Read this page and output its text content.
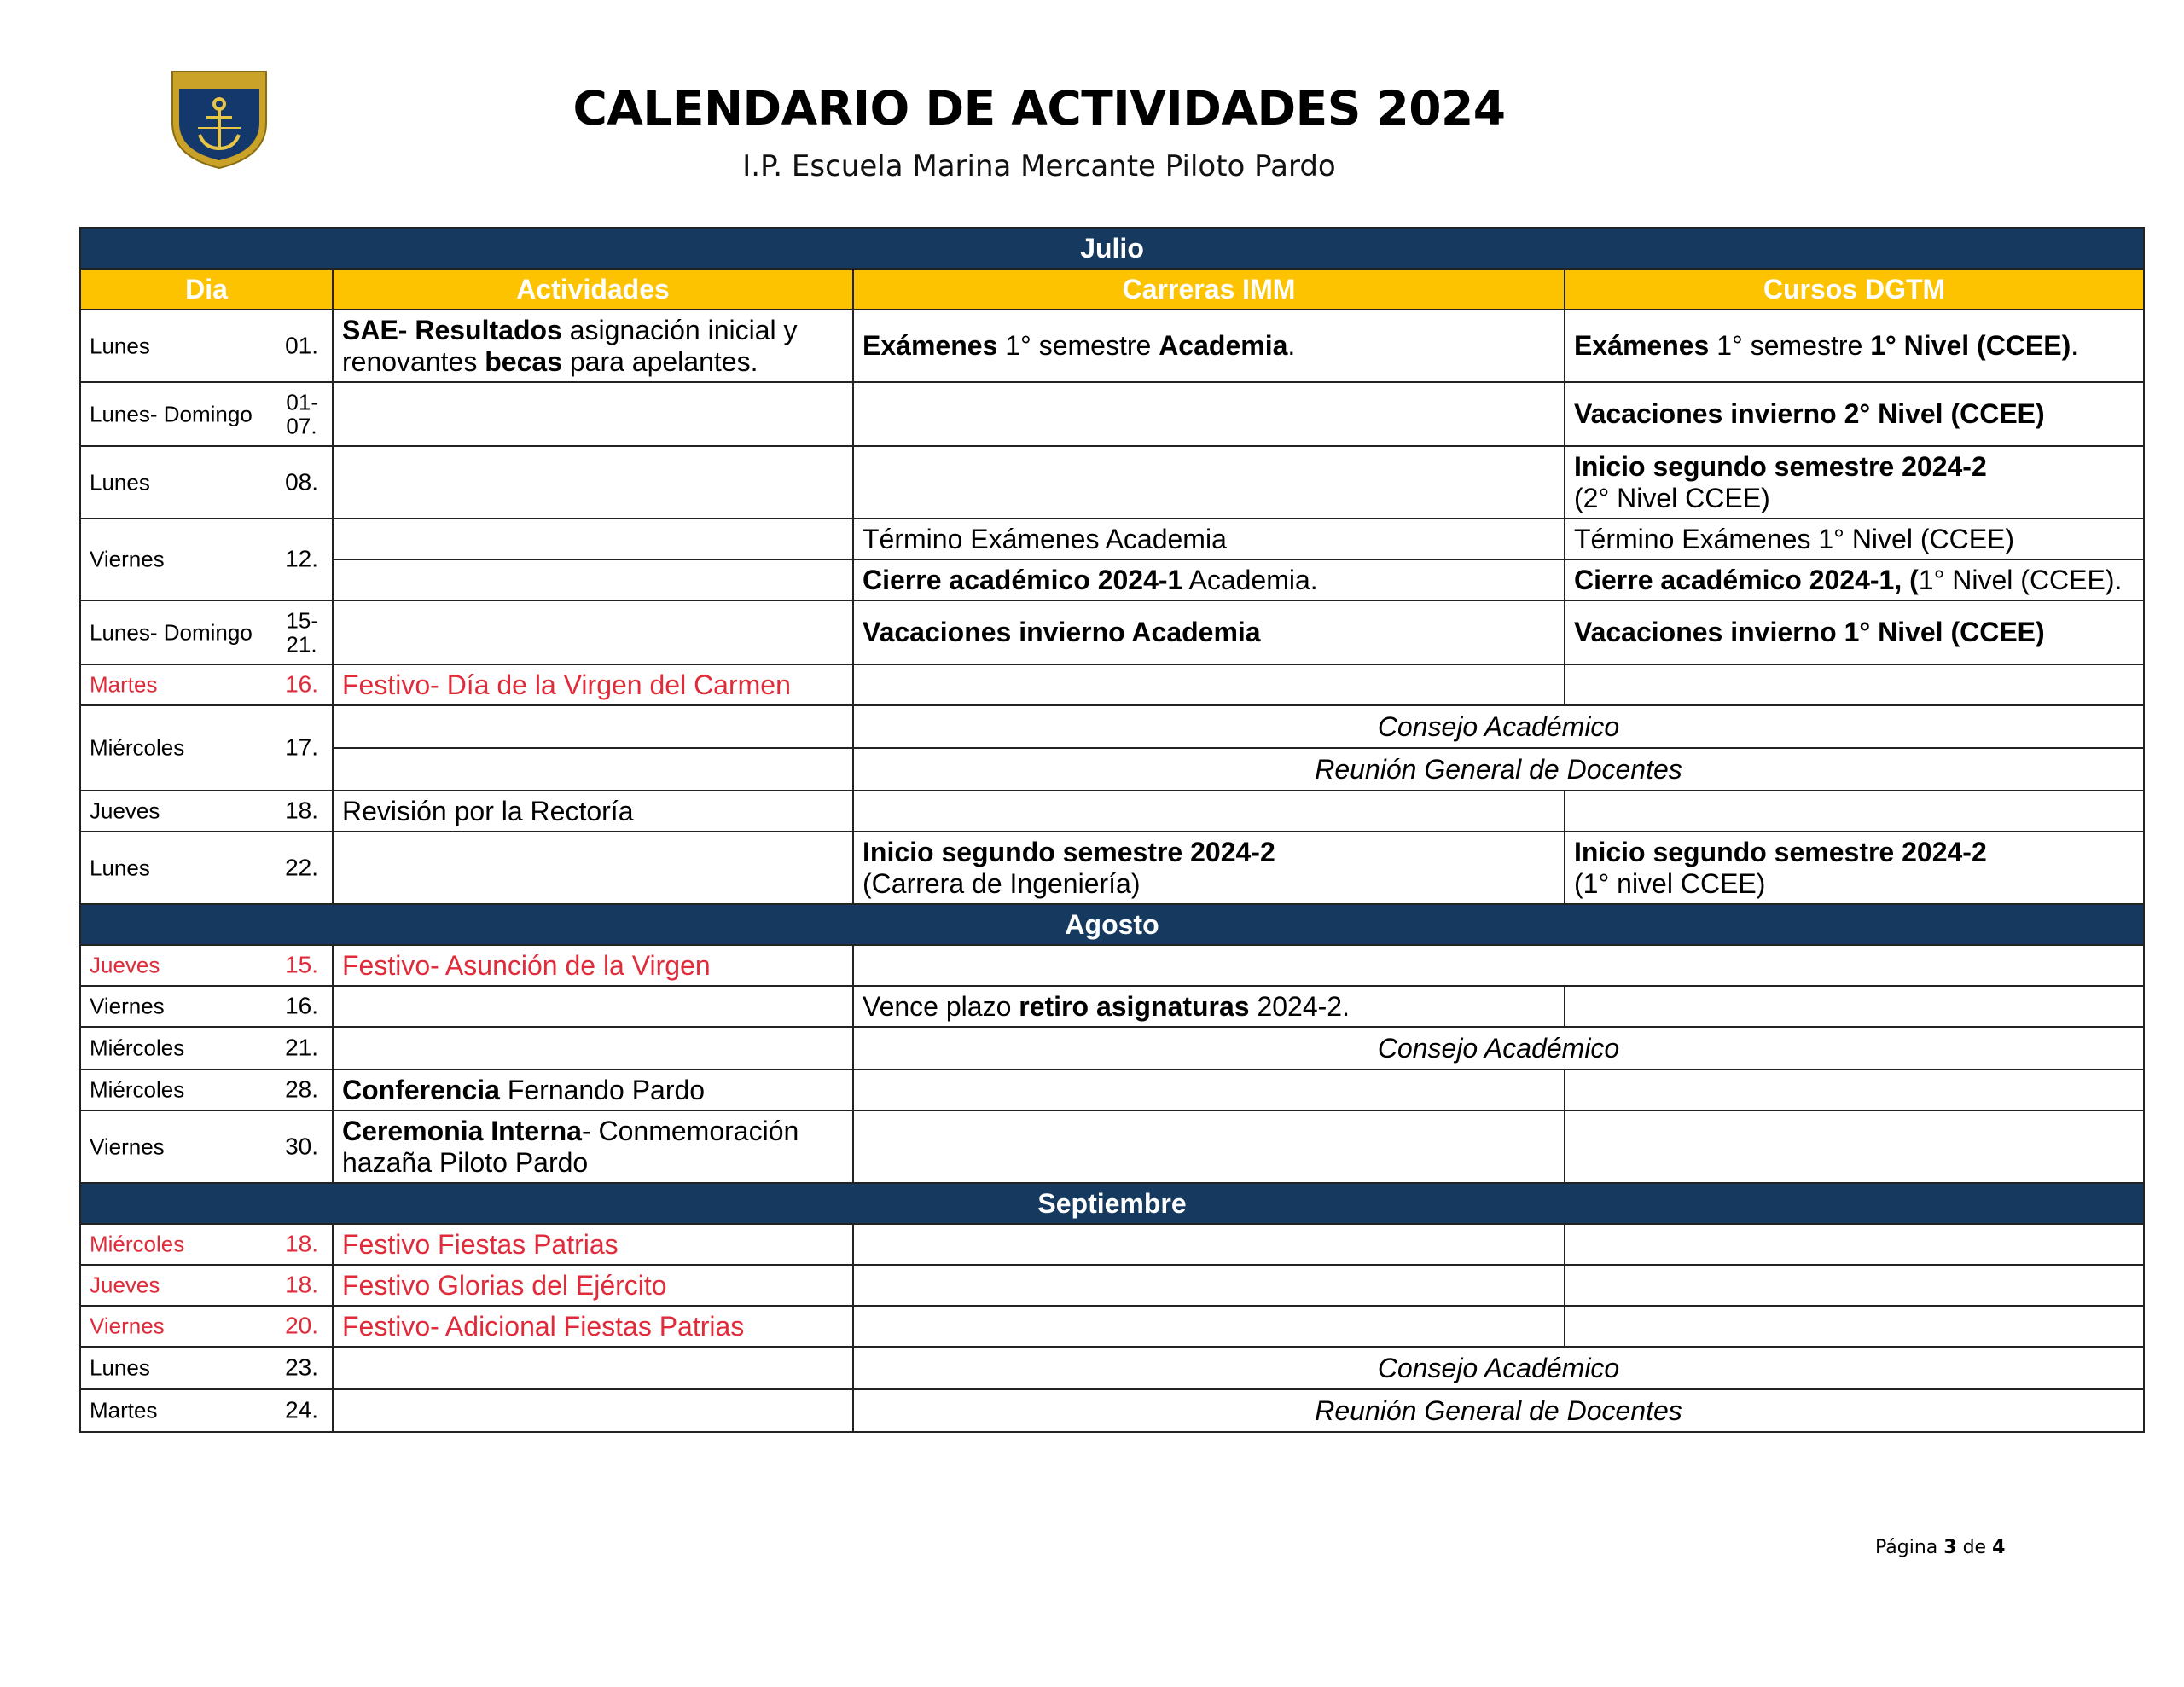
CALENDARIO DE ACTIVIDADES 2024
I.P. Escuela Marina Mercante Piloto Pardo
Julio			
Dia	Actividades	Carreras IMM	Cursos DGTM

Lunes 01.	SAE- Resultados asignación inicial y renovantes becas para apelantes.	Exámenes 1° semestre Academia.	Exámenes 1° semestre 1° Nivel (CCEE).

Lunes- Domingo 01-
07.			Vacaciones invierno 2° Nivel (CCEE)

Lunes 08.			Inicio segundo semestre 2024-2
(2° Nivel CCEE)

Viernes 12.		Término Exámenes Academia	Término Exámenes 1° Nivel (CCEE)
		Cierre académico 2024-1 Academia.	Cierre académico 2024-1, (1° Nivel (CCEE).

Lunes- Domingo 15-
21.		Vacaciones invierno Academia	Vacaciones invierno 1° Nivel (CCEE)

Martes 16.	Festivo- Día de la Virgen del Carmen		

Miércoles 17.		Consejo Académico	
		Reunión General de Docentes	

Jueves 18.	Revisión por la Rectoría		

Lunes 22.		Inicio segundo semestre 2024-2
(Carrera de Ingeniería)	Inicio segundo semestre 2024-2
(1° nivel CCEE)
Agosto			

Jueves 15.	Festivo- Asunción de la Virgen		

Viernes 16.		Vence plazo retiro asignaturas 2024-2.	

Miércoles 21.		Consejo Académico	

Miércoles 28.	Conferencia Fernando Pardo		

Viernes 30.	Ceremonia Interna- Conmemoración hazaña Piloto Pardo		
Septiembre			

Miércoles 18.	Festivo Fiestas Patrias		

Jueves 18.	Festivo Glorias del Ejército		

Viernes 20.	Festivo- Adicional Fiestas Patrias		

Lunes 23.		Consejo Académico	

Martes 24.		Reunión General de Docentes	
Página 3 de 4
